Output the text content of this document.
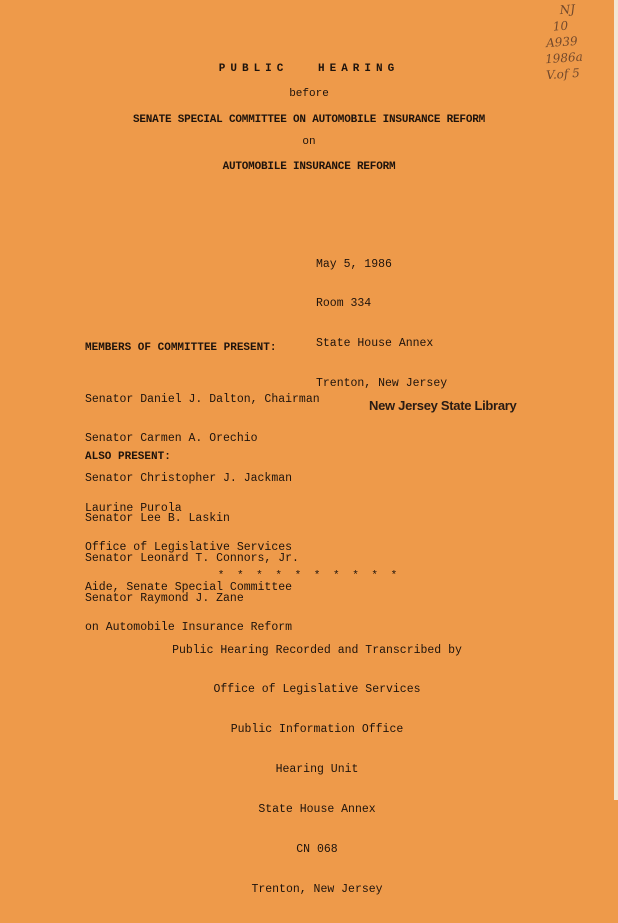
NJ
10
A939
1986a
V.of 5
PUBLIC HEARING
before
SENATE SPECIAL COMMITTEE ON AUTOMOBILE INSURANCE REFORM
on
AUTOMOBILE INSURANCE REFORM

May 5, 1986

Room 334

State House Annex

Trenton, New Jersey

MEMBERS OF COMMITTEE PRESENT:

Senator Daniel J. Dalton, Chairman

Senator Carmen A. Orechio

Senator Christopher J. Jackman

Senator Lee B. Laskin

Senator Leonard T. Connors, Jr.

Senator Raymond J. Zane

New Jersey State Library
ALSO PRESENT:

Laurine Purola

Office of Legislative Services

Aide, Senate Special Committee

on Automobile Insurance Reform

* * * * * * * * * *

Public Hearing Recorded and Transcribed by

Office of Legislative Services

Public Information Office

Hearing Unit

State House Annex

CN 068

Trenton, New Jersey
